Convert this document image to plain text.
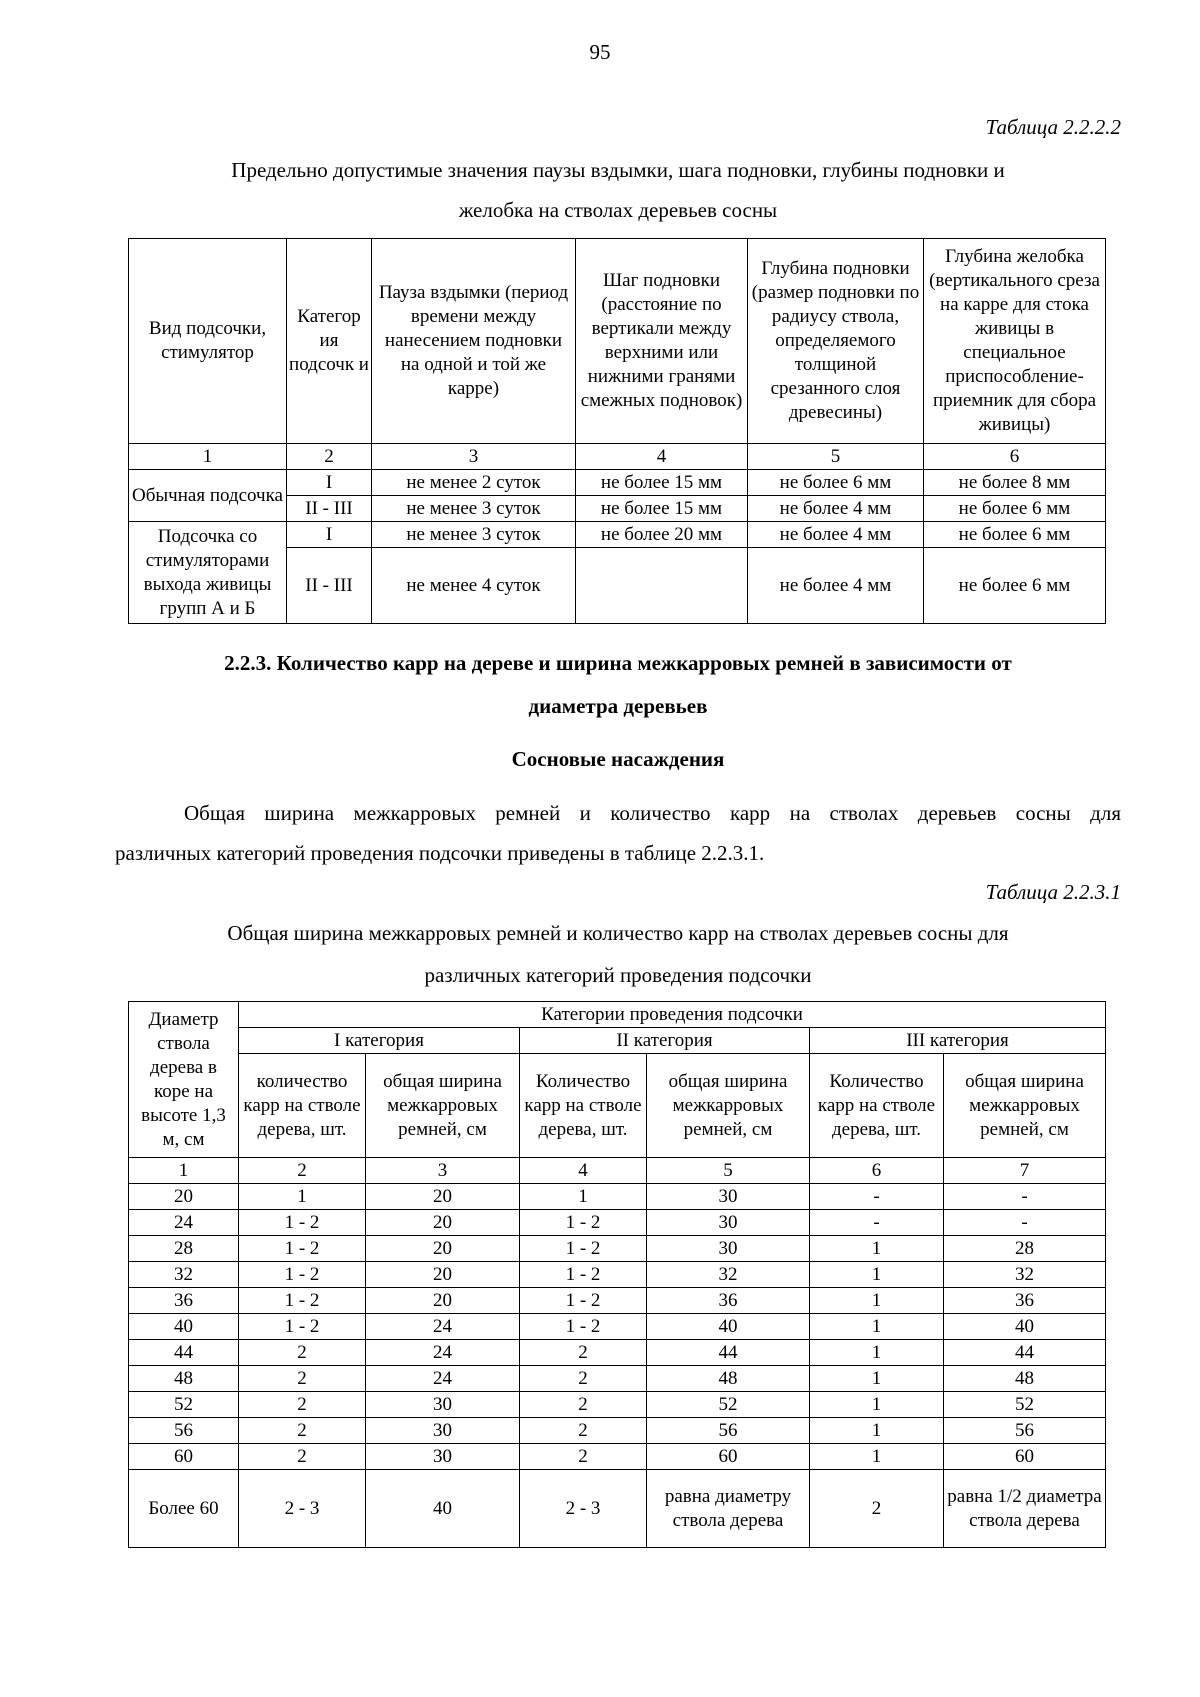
95
Таблица 2.2.2.2
Предельно допустимые значения паузы вздымки, шага подновки, глубины подновки и
желобка на стволах деревьев сосны
Вид подсочки, стимулятор	Категор ия подсочк и	Пауза вздымки (период времени между нанесением подновки на одной и той же карре)	Шаг подновки (расстояние по вертикали между верхними или нижними гранями смежных подновок)	Глубина подновки (размер подновки по радиусу ствола, определяемого толщиной срезанного слоя древесины)	Глубина желобка (вертикального среза на карре для стока живицы в специальное приспособление-приемник для сбора живицы)
1	2	3	4	5	6
Обычная подсочка	I	не менее 2 суток	не более 15 мм	не более 6 мм	не более 8 мм
	II - III	не менее 3 суток	не более 15 мм	не более 4 мм	не более 6 мм
Подсочка со стимуляторами выхода живицы групп А и Б	I	не менее 3 суток	не более 20 мм	не более 4 мм	не более 6 мм
	II - III	не менее 4 суток		не более 4 мм	не более 6 мм
2.2.3. Количество карр на дереве и ширина межкарровых ремней в зависимости от
диаметра деревьев
Сосновые насаждения
Общая ширина межкарровых ремней и количество карр на стволах деревьев сосны для
различных категорий проведения подсочки приведены в таблице 2.2.3.1.
Таблица 2.2.3.1
Общая ширина межкарровых ремней и количество карр на стволах деревьев сосны для
различных категорий проведения подсочки
Диаметр ствола дерева в коре на высоте 1,3 м, см	Категории проведения подсочки					
	I категория		II категория		III категория	
	количество карр на стволе дерева, шт.	общая ширина межкарровых ремней, см	Количество карр на стволе дерева, шт.	общая ширина межкарровых ремней, см	Количество карр на стволе дерева, шт.	общая ширина межкарровых ремней, см
1	2	3	4	5	6	7
20	1	20	1	30	-	-
24	1 - 2	20	1 - 2	30	-	-
28	1 - 2	20	1 - 2	30	1	28
32	1 - 2	20	1 - 2	32	1	32
36	1 - 2	20	1 - 2	36	1	36
40	1 - 2	24	1 - 2	40	1	40
44	2	24	2	44	1	44
48	2	24	2	48	1	48
52	2	30	2	52	1	52
56	2	30	2	56	1	56
60	2	30	2	60	1	60
Более 60	2 - 3	40	2 - 3	равна диаметру ствола дерева	2	равна 1/2 диаметра ствола дерева
